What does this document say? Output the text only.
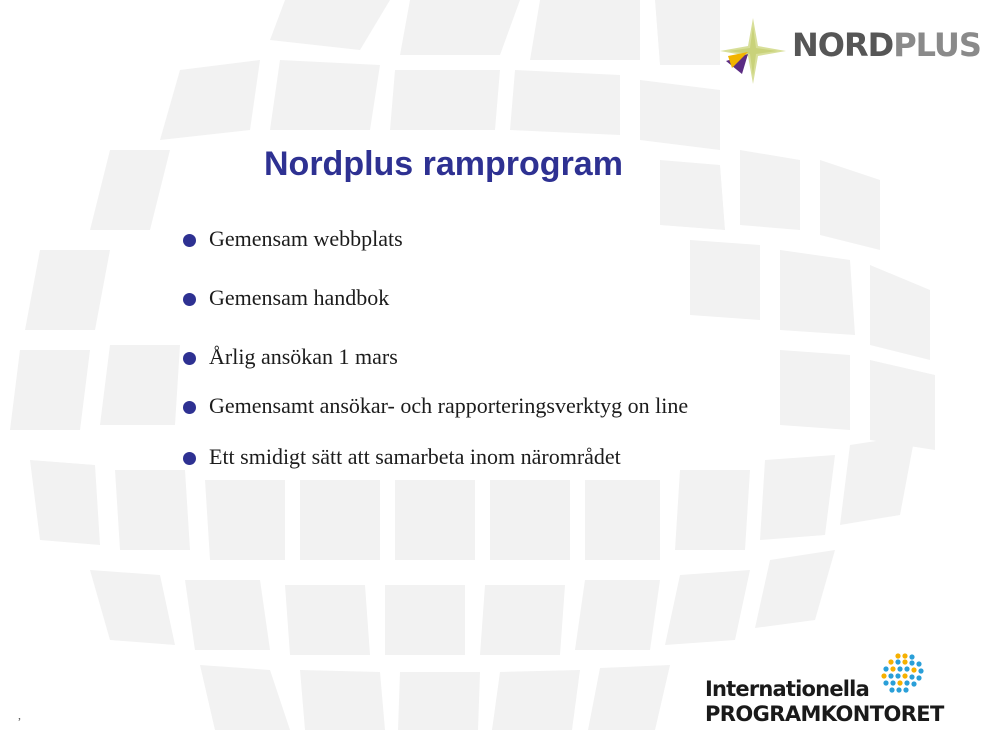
NORDPLUS
Nordplus ramprogram
Gemensam webbplats
Gemensam handbok
Årlig ansökan 1 mars
Gemensamt ansökar- och rapporteringsverktyg on line
Ett smidigt sätt att samarbeta inom närområdet
Internationella
PROGRAMKONTORET
,
